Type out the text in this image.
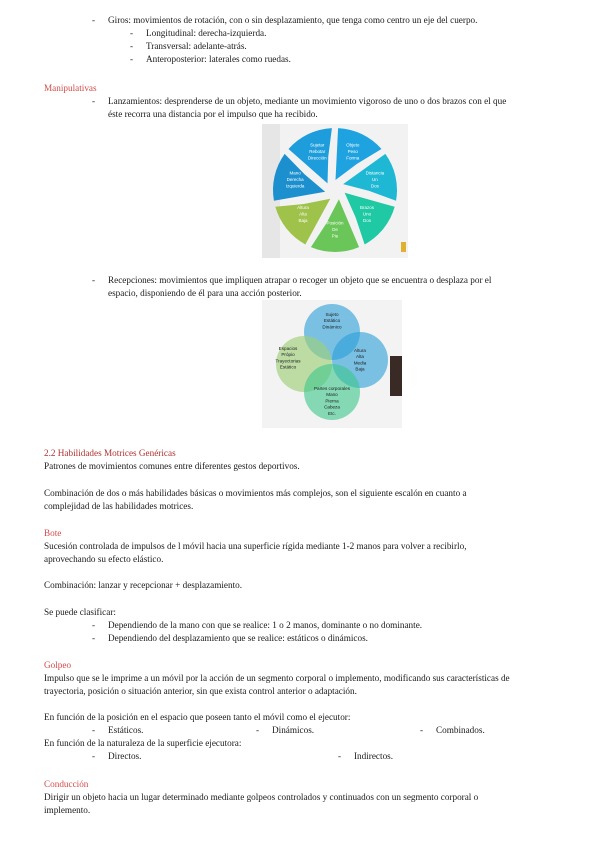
- Giros: movimientos de rotación, con o sin desplazamiento, que tenga como centro un eje del cuerpo.
- Longitudinal: derecha-izquierda.
- Transversal: adelante-atrás.
- Anteroposterior: laterales como ruedas.
Manipulativas
- Lanzamientos: desprenderse de un objeto, mediante un movimiento vigoroso de uno o dos brazos con el que
éste recorra una distancia por el impulso que ha recibido.
Objeto Peso Forma
Distancia Un Dos
Brazos Uno Dos
Posición De Pie
Altura Alta Baja
Mano Derecha Izquierda
Sujetar Rebotar Dirección
- Recepciones: movimientos que impliquen atrapar o recoger un objeto que se encuentra o desplaza por el
espacio, disponiendo de él para una acción posterior.
Sujeto Estático Dinámico
Altura Alta Media Baja
Partes corporales Mano Pierna Cabeza Etc.
Espacios Própio Trayectorias Estático
2.2 Habilidades Motrices Genéricas
Patrones de movimientos comunes entre diferentes gestos deportivos.
Combinación de dos o más habilidades básicas o movimientos más complejos, son el siguiente escalón en cuanto a
complejidad de las habilidades motrices.
Bote
Sucesión controlada de impulsos de l móvil hacia una superficie rígida mediante 1-2 manos para volver a recibirlo,
aprovechando su efecto elástico.
Combinación: lanzar y recepcionar + desplazamiento.
Se puede clasificar:
- Dependiendo de la mano con que se realice: 1 o 2 manos, dominante o no dominante.
- Dependiendo del desplazamiento que se realice: estáticos o dinámicos.
Golpeo
Impulso que se le imprime a un móvil por la acción de un segmento corporal o implemento, modificando sus características de
trayectoria, posición o situación anterior, sin que exista control anterior o adaptación.
En función de la posición en el espacio que poseen tanto el móvil como el ejecutor:
- Estáticos.	- Dinámicos.	- Combinados.
En función de la naturaleza de la superficie ejecutora:
- Directos.	- Indirectos.
Conducción
Dirigir un objeto hacia un lugar determinado mediante golpeos controlados y continuados con un segmento corporal o
implemento.
